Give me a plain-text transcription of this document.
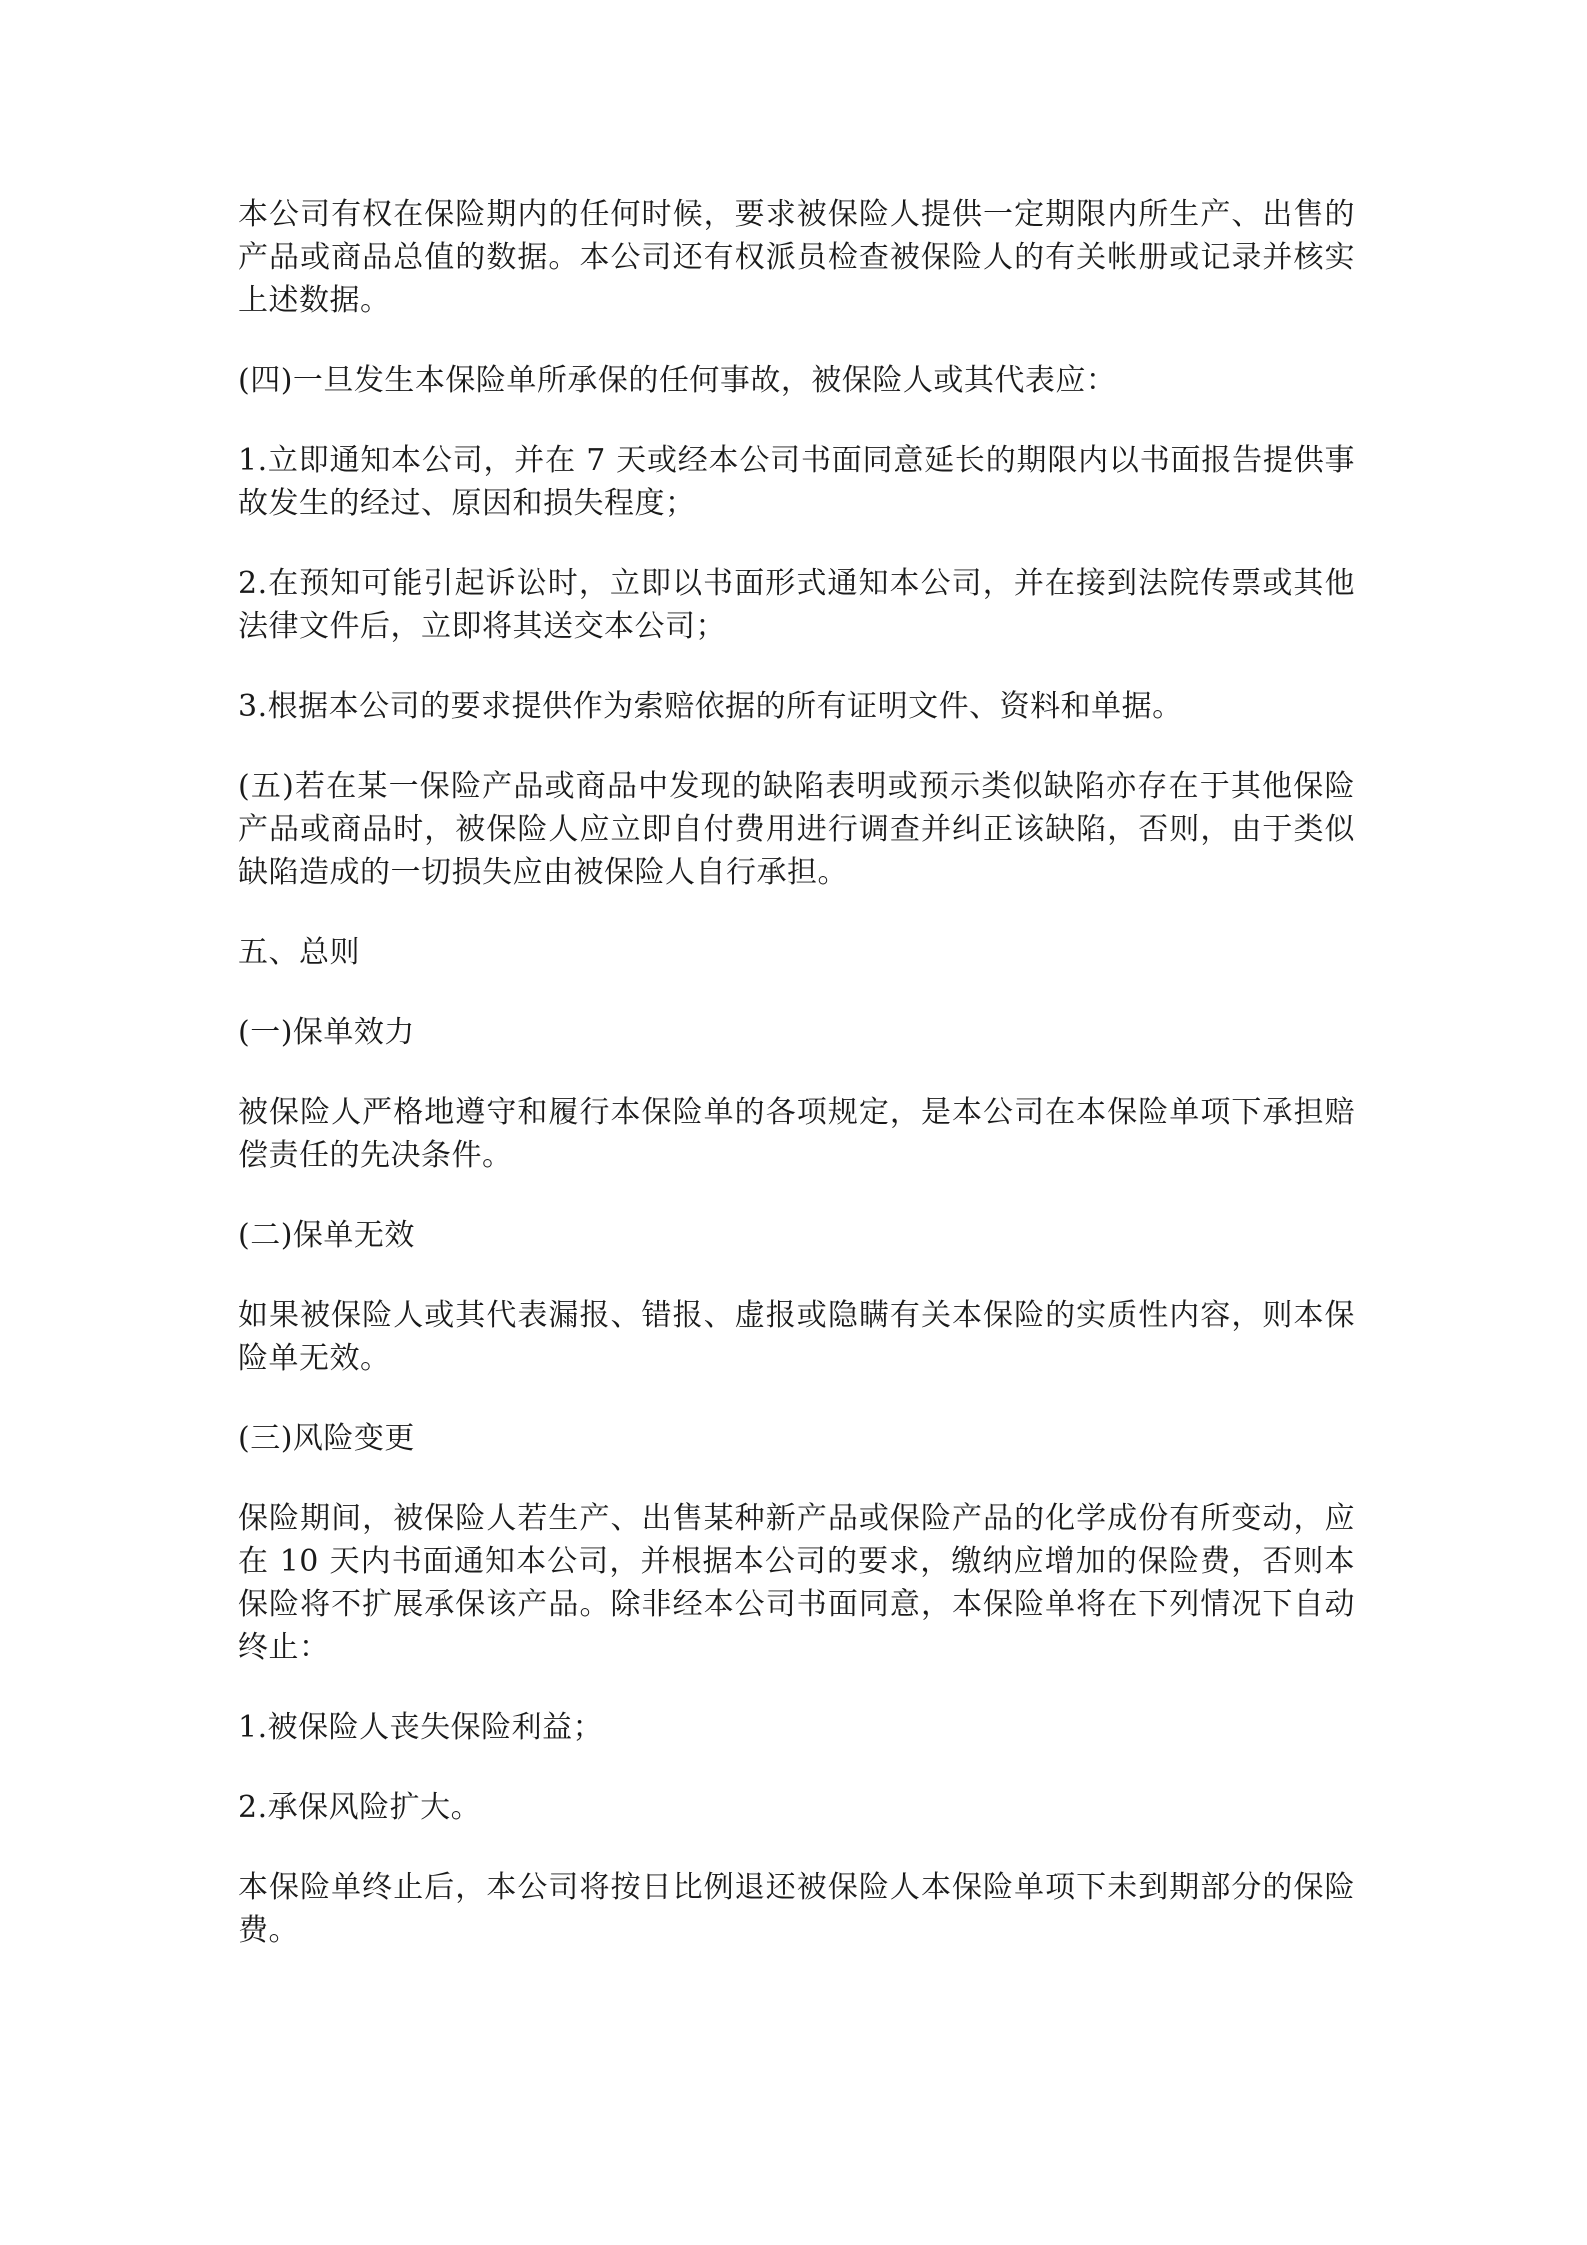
本公司有权在保险期内的任何时候，要求被保险人提供一定期限内所生产、出售的产品或商品总值的数据。本公司还有权派员检查被保险人的有关帐册或记录并核实上述数据。

(四)一旦发生本保险单所承保的任何事故，被保险人或其代表应：

1.立即通知本公司，并在 7 天或经本公司书面同意延长的期限内以书面报告提供事故发生的经过、原因和损失程度；

2.在预知可能引起诉讼时，立即以书面形式通知本公司，并在接到法院传票或其他法律文件后，立即将其送交本公司；

3.根据本公司的要求提供作为索赔依据的所有证明文件、资料和单据。

(五)若在某一保险产品或商品中发现的缺陷表明或预示类似缺陷亦存在于其他保险产品或商品时，被保险人应立即自付费用进行调查并纠正该缺陷，否则，由于类似缺陷造成的一切损失应由被保险人自行承担。

五、总则

(一)保单效力

被保险人严格地遵守和履行本保险单的各项规定，是本公司在本保险单项下承担赔偿责任的先决条件。

(二)保单无效

如果被保险人或其代表漏报、错报、虚报或隐瞒有关本保险的实质性内容，则本保险单无效。

(三)风险变更

保险期间，被保险人若生产、出售某种新产品或保险产品的化学成份有所变动，应在 10 天内书面通知本公司，并根据本公司的要求，缴纳应增加的保险费，否则本保险将不扩展承保该产品。除非经本公司书面同意，本保险单将在下列情况下自动终止：

1.被保险人丧失保险利益；

2.承保风险扩大。

本保险单终止后，本公司将按日比例退还被保险人本保险单项下未到期部分的保险费。
